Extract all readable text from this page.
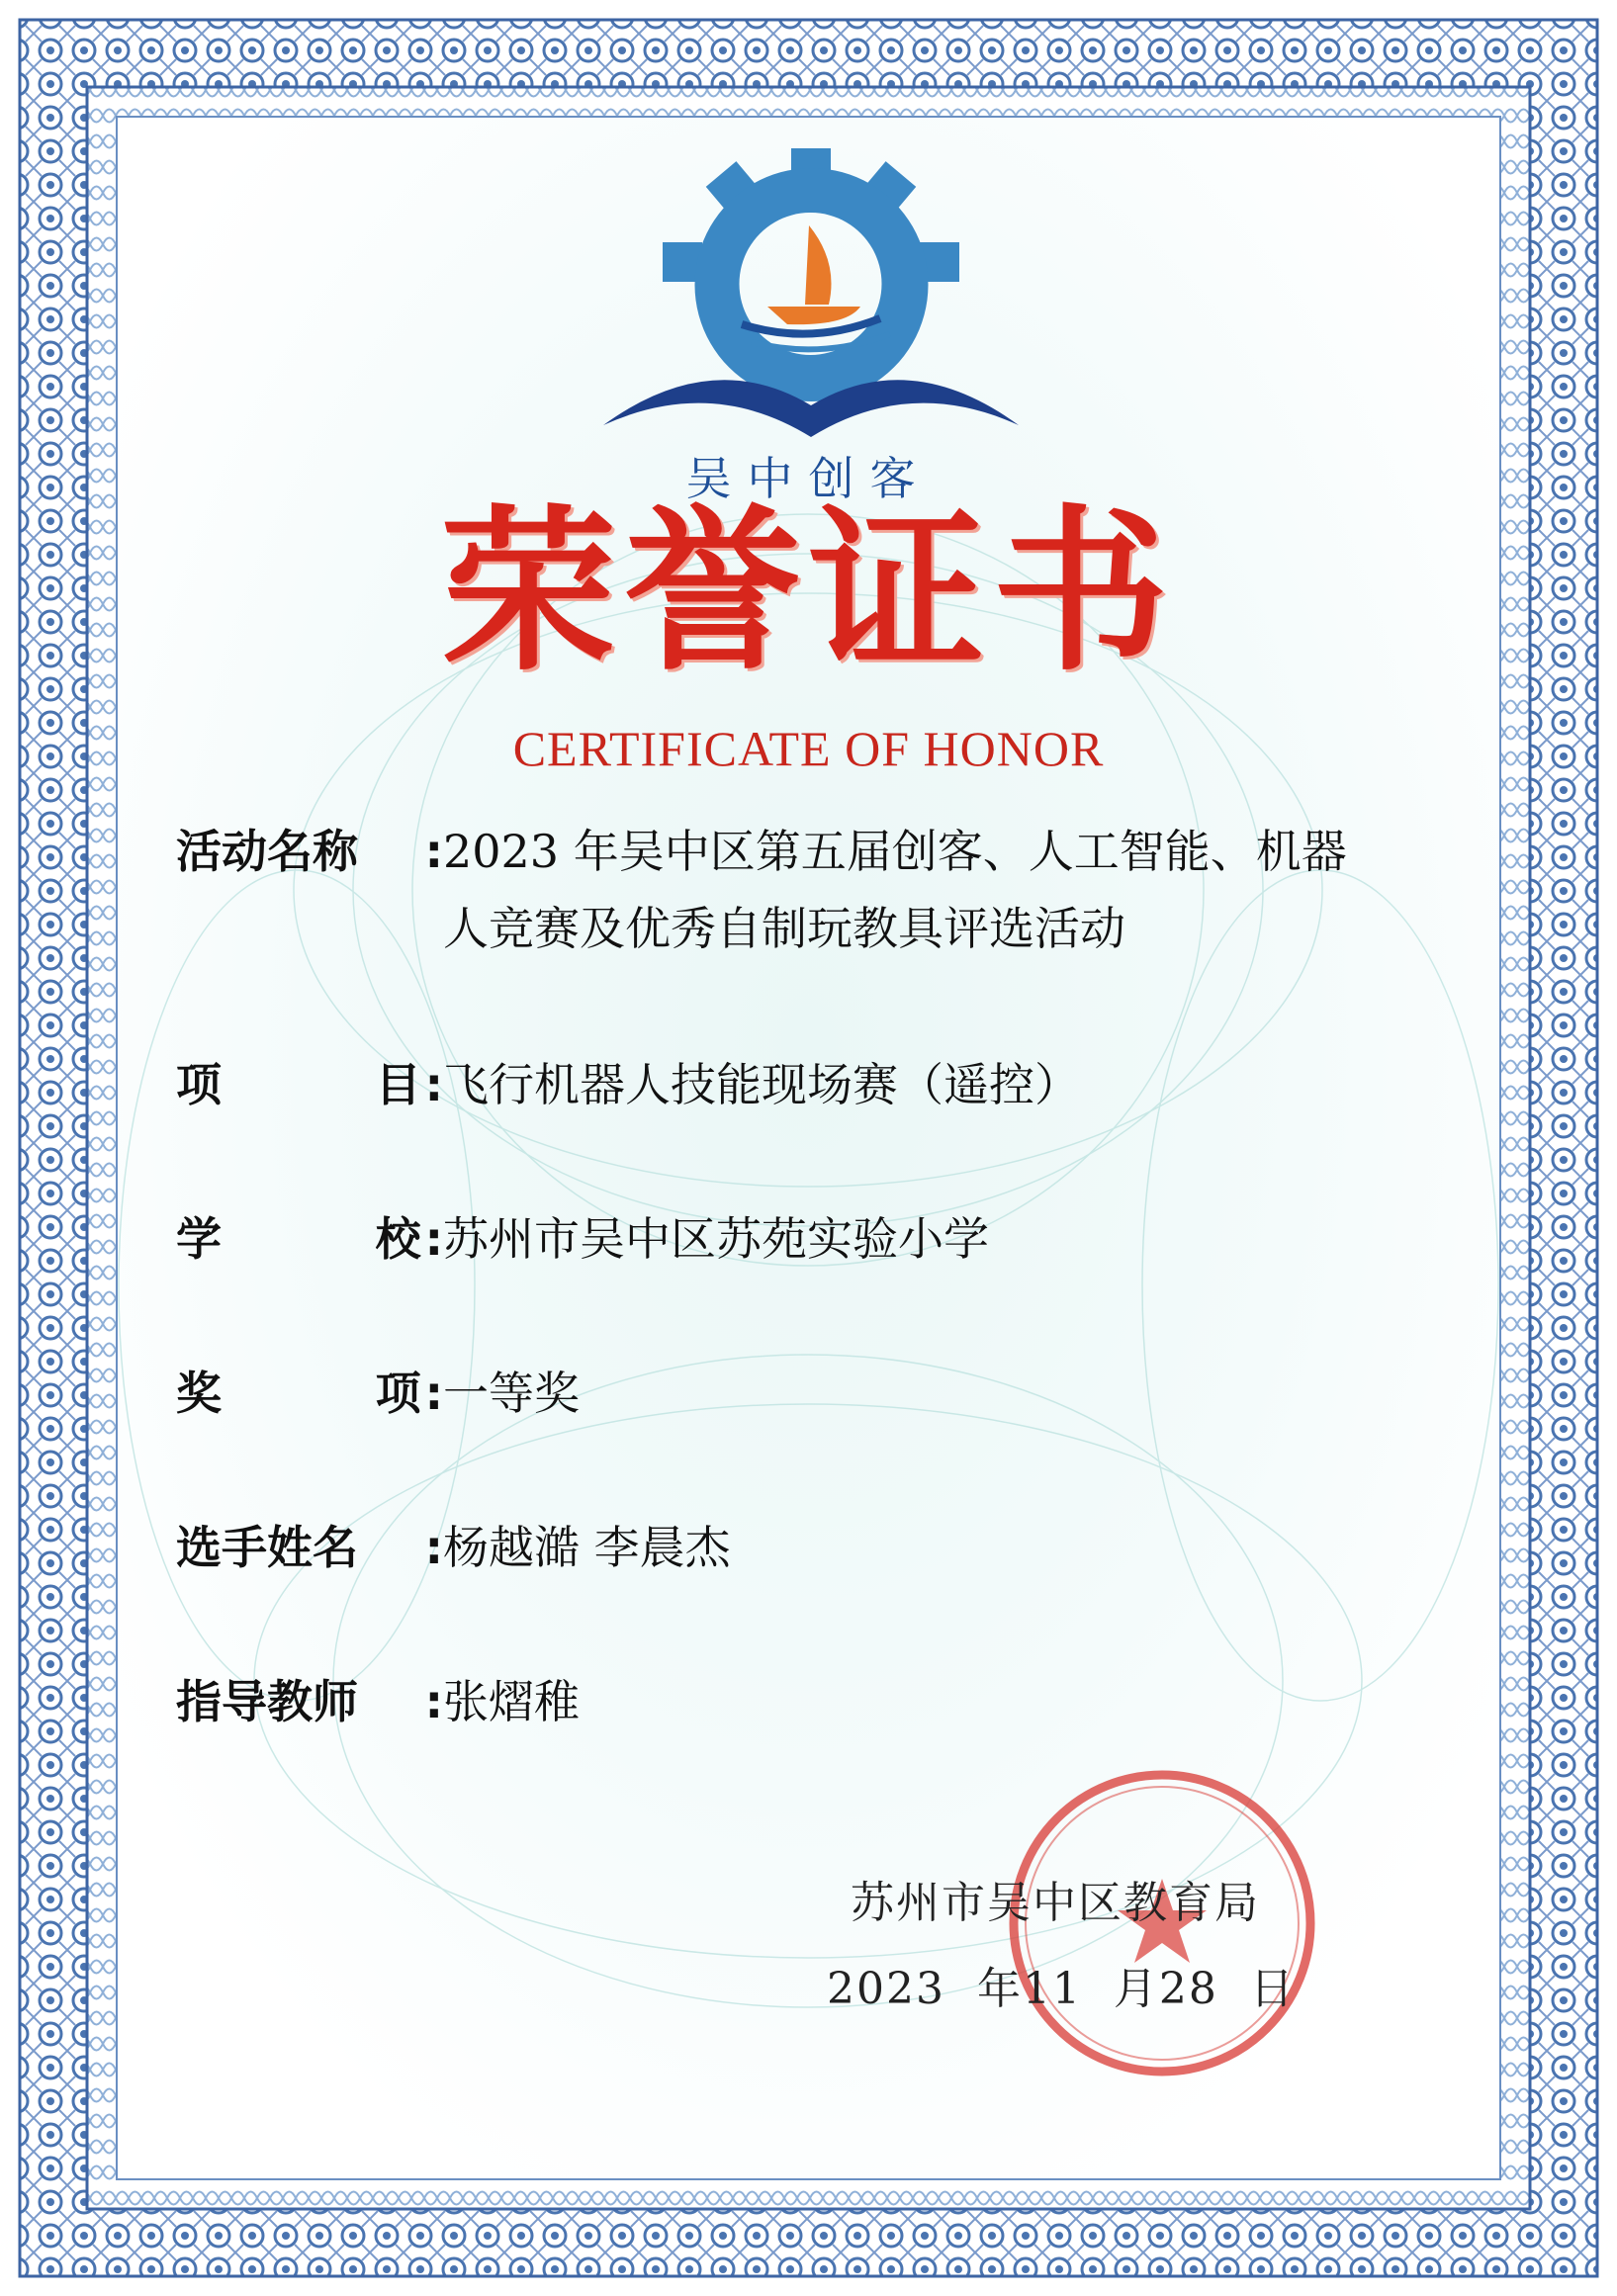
吴中创客
荣誉证书
CERTIFICATE OF HONOR
活动名称 : 2023 年吴中区第五届创客、人工智能、机器
人竞赛及优秀自制玩教具评选活动
项	目: 飞行机器人技能现场赛（遥控）
学	校: 苏州市吴中区苏苑实验小学
奖	项: 一等奖
选手姓名 : 杨越澔 李晨杰
指导教师 : 张熠稚
苏州市吴中区教育局
2023  年11  月28  日
